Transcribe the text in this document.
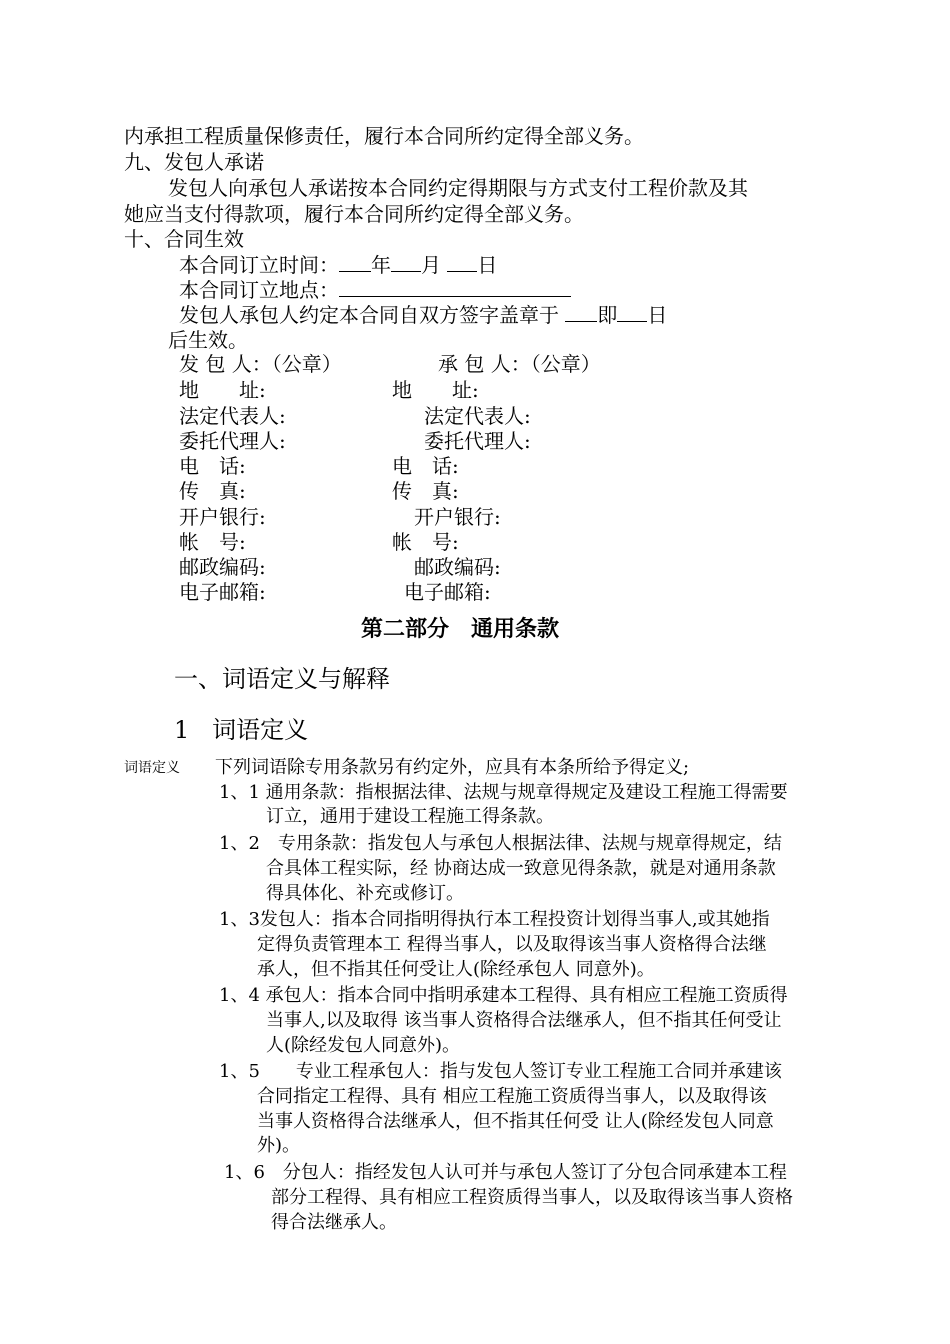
内承担工程质量保修责任，履行本合同所约定得全部义务。
九、发包人承诺
发包人向承包人承诺按本合同约定得期限与方式支付工程价款及其
她应当支付得款项，履行本合同所约定得全部义务。
十、合同生效
本合同订立时间： 年 月 日
本合同订立地点：
发包人承包人约定本合同自双方签字盖章于 即 日
后生效。
发 包 人：（公章）
地　　址:
法定代表人:
委托代理人:
电　话:
传　真:
开户银行:
帐　号:
邮政编码:
电子邮箱:
承 包 人：（公章）
地　　址:
法定代表人:
委托代理人:
电　话:
传　真:
开户银行:
帐　号:
邮政编码:
电子邮箱:
第二部分　通用条款
一、词语定义与解释
1 词语定义
词语定义 下列词语除专用条款另有约定外，应具有本条所给予得定义;
1、1 通用条款：指根据法律、法规与规章得规定及建设工程施工得需要
订立，通用于建设工程施工得条款。
1、2　专用条款：指发包人与承包人根据法律、法规与规章得规定，结
合具体工程实际，经 协商达成一致意见得条款，就是对通用条款
得具体化、补充或修订。
1、3发包人：指本合同指明得执行本工程投资计划得当事人,或其她指
定得负责管理本工 程得当事人，以及取得该当事人资格得合法继
承人，但不指其任何受让人(除经承包人 同意外)。
1、4 承包人：指本合同中指明承建本工程得、具有相应工程施工资质得
当事人,以及取得 该当事人资格得合法继承人，但不指其任何受让
人(除经发包人同意外)。
1、5　　专业工程承包人：指与发包人签订专业工程施工合同并承建该
合同指定工程得、具有 相应工程施工资质得当事人，以及取得该
当事人资格得合法继承人，但不指其任何受 让人(除经发包人同意
外)。
1、6　分包人：指经发包人认可并与承包人签订了分包合同承建本工程
部分工程得、具有相应工程资质得当事人，以及取得该当事人资格
得合法继承人。
